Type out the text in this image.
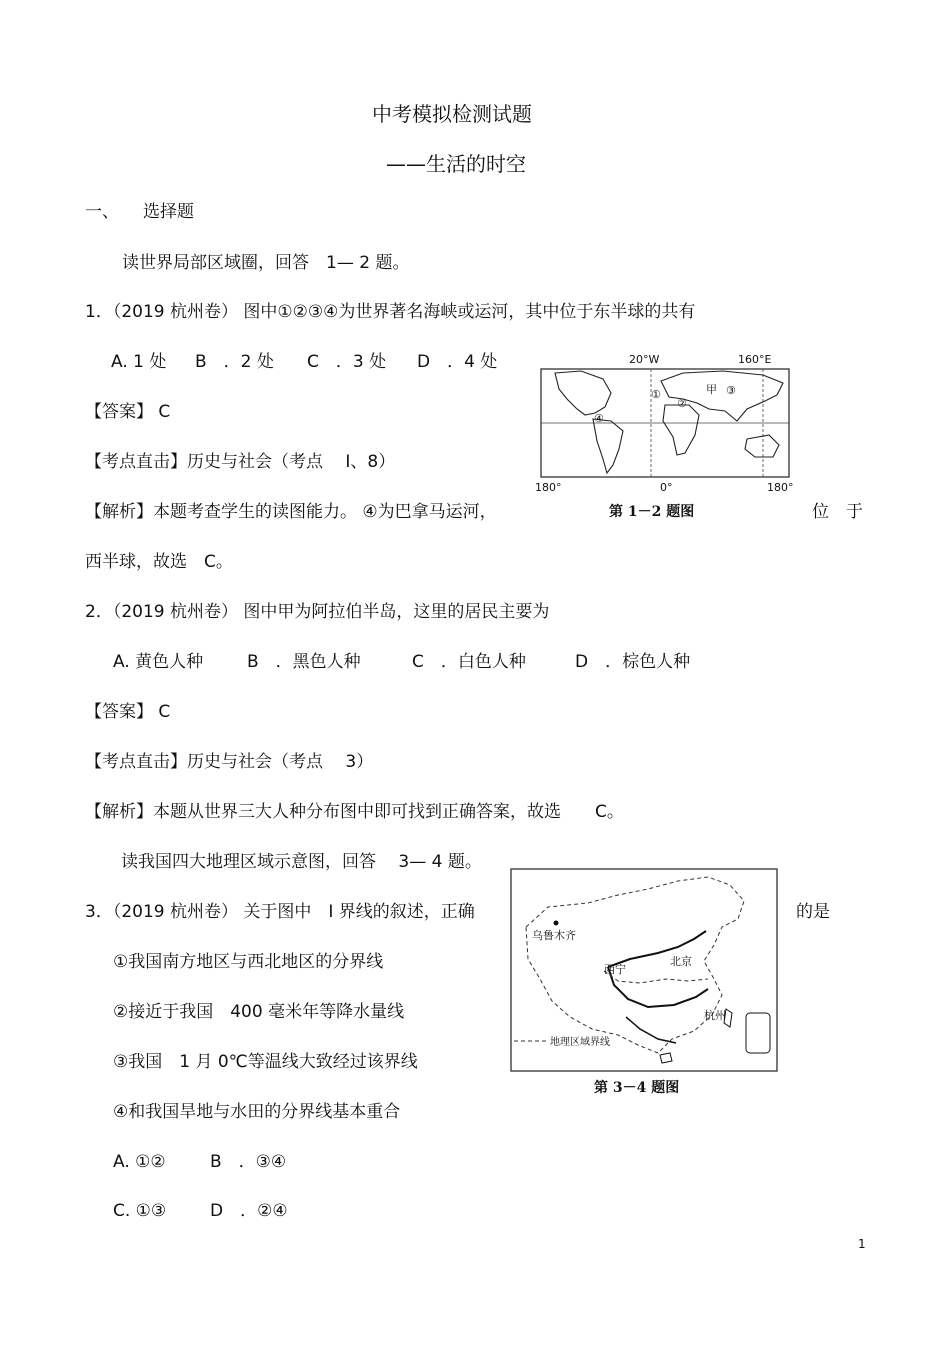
中考模拟检测试题
——生活的时空
一、 选择题
读世界局部区域圈，回答　1— 2 题。
1．（2019 杭州卷） 图中①②③④为世界著名海峡或运河，其中位于东半球的共有
A. 1 处 B　．2 处 C　．3 处 D　．4 处
【答案】 C
【考点直击】历史与社会（考点　 Ⅰ、8）
【解析】本题考查学生的读图能力。 ④为巴拿马运河，	位　于
西半球，故选　C。
20°W	160°E
①
②
③
④
甲
180°	0°	180°
第 1－2 题图
2．（2019 杭州卷） 图中甲为阿拉伯半岛，这里的居民主要为
A. 黄色人种	B　．黑色人种	C　．白色人种	D　．棕色人种
【答案】 C
【考点直击】历史与社会（考点　 3）
【解析】本题从世界三大人种分布图中即可找到正确答案，故选　　C。
读我国四大地理区域示意图，回答　 3— 4 题。
3．（2019 杭州卷） 关于图中　Ⅰ 界线的叙述，正确	的是
①我国南方地区与西北地区的分界线
②接近于我国　400 毫米年等降水量线
③我国　1 月 0℃等温线大致经过该界线
④和我国旱地与水田的分界线基本重合
A. ①②	B　．③④
C. ①③	D　．②④
乌鲁木齐
西宁
北京
杭州
地理区域界线
第 3－4 题图
1
